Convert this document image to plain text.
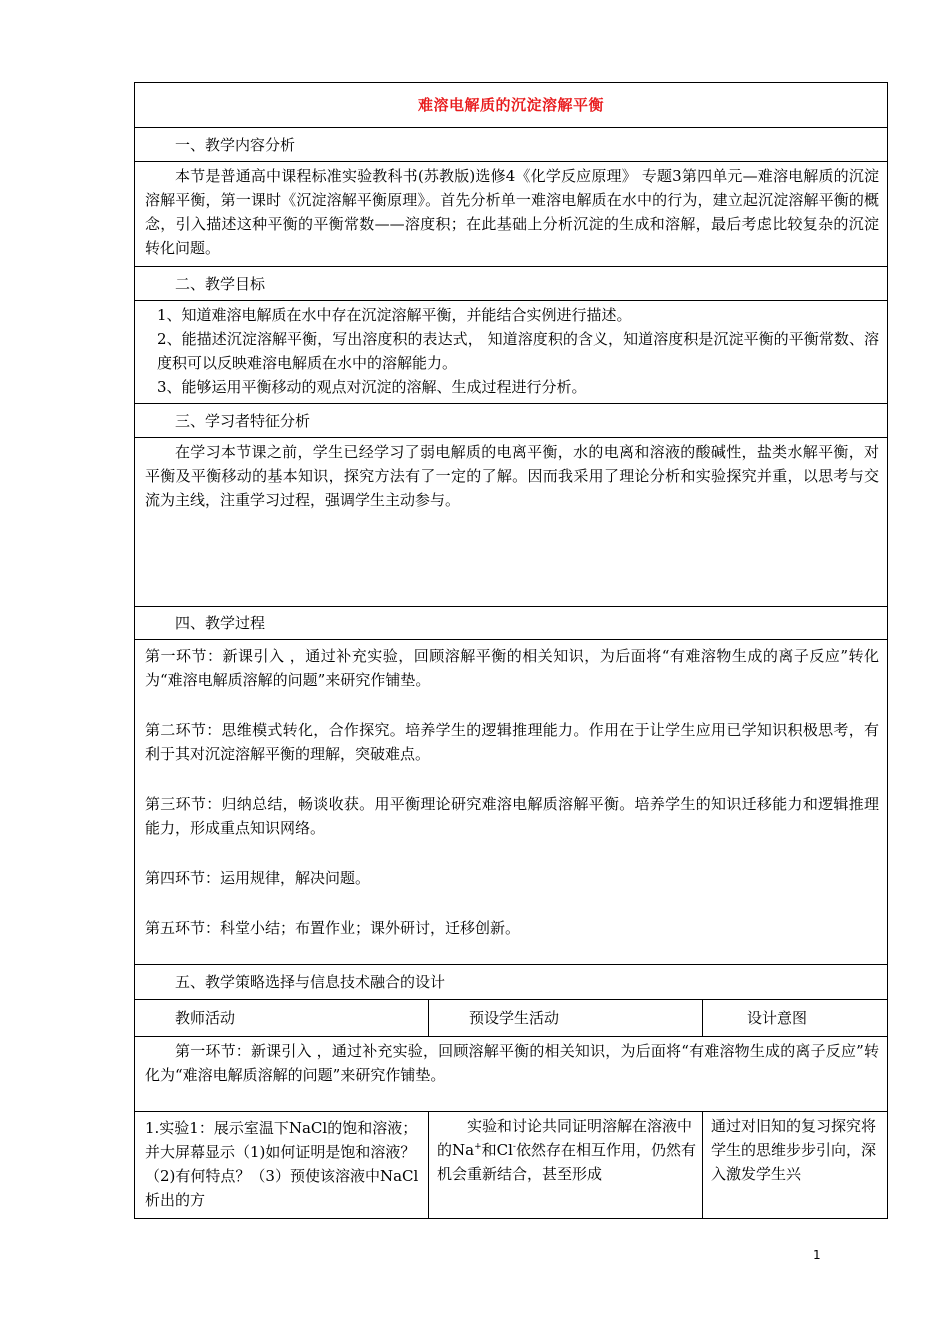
难溶电解质的沉淀溶解平衡		
一、教学内容分析		
本节是普通高中课程标准实验教科书(苏教版)选修4《化学反应原理》 专题3第四单元—难溶电解质的沉淀溶解平衡，第一课时《沉淀溶解平衡原理》。首先分析单一难溶电解质在水中的行为，建立起沉淀溶解平衡的概念，引入描述这种平衡的平衡常数——溶度积；在此基础上分析沉淀的生成和溶解，最后考虑比较复杂的沉淀转化问题。		
二、教学目标		

1、知道难溶电解质在水中存在沉淀溶解平衡，并能结合实例进行描述。
2、能描述沉淀溶解平衡，写出溶度积的表达式， 知道溶度积的含义，知道溶度积是沉淀平衡的平衡常数、溶度积可以反映难溶电解质在水中的溶解能力。
3、能够运用平衡移动的观点对沉淀的溶解、生成过程进行分析。		

三、学习者特征分析		

在学习本节课之前，学生已经学习了弱电解质的电离平衡，水的电离和溶液的酸碱性，盐类水解平衡，对平衡及平衡移动的基本知识，探究方法有了一定的了解。因而我采用了理论分析和实验探究并重，以思考与交流为主线，注重学习过程，强调学生主动参与。		

四、教学过程		

第一环节：新课引入 ，通过补充实验，回顾溶解平衡的相关知识，为后面将“有难溶物生成的离子反应”转化为“难溶电解质溶解的问题”来研究作铺垫。

第二环节：思维模式转化，合作探究。培养学生的逻辑推理能力。作用在于让学生应用已学知识积极思考，有利于其对沉淀溶解平衡的理解，突破难点。

第三环节：归纳总结，畅谈收获。用平衡理论研究难溶电解质溶解平衡。培养学生的知识迁移能力和逻辑推理能力，形成重点知识网络。

第四环节：运用规律，解决问题。

第五环节：科堂小结；布置作业；课外研讨，迁移创新。		

五、教学策略选择与信息技术融合的设计		
教师活动	预设学生活动	设计意图
第一环节：新课引入 ，通过补充实验，回顾溶解平衡的相关知识，为后面将“有难溶物生成的离子反应”转化为“难溶电解质溶解的问题”来研究作铺垫。		
1.实验1：展示室温下NaCl的饱和溶液；并大屏幕显示（1)如何证明是饱和溶液？（2)有何特点？（3）预使该溶液中NaCl析出的方	实验和讨论共同证明溶解在溶液中的Na+和Cl-依然存在相互作用，仍然有机会重新结合，甚至形成	通过对旧知的复习探究将学生的思维步步引向，深入激发学生兴
1
